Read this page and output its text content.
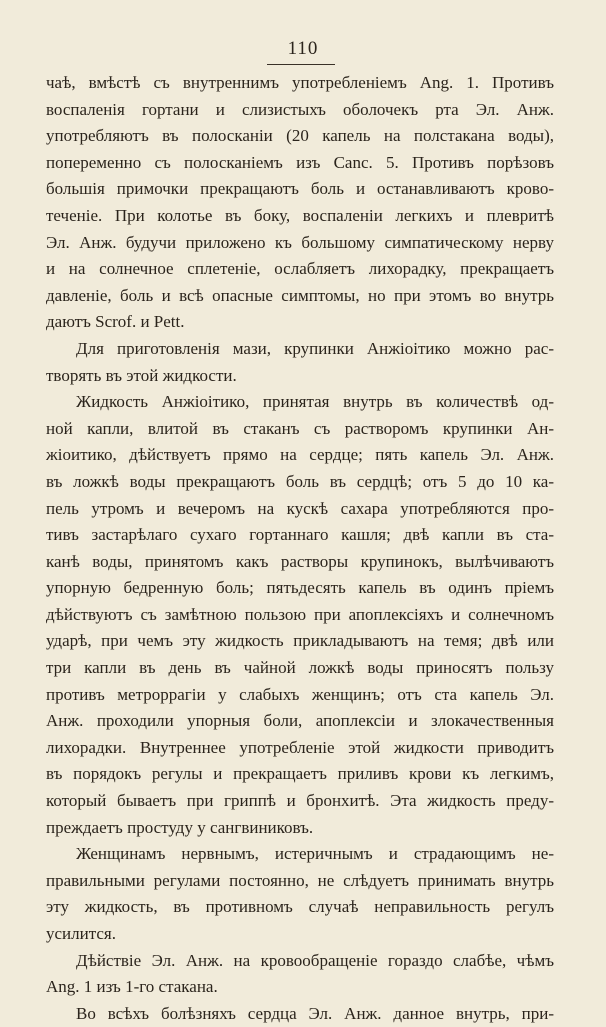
110
чаѣ, вмѣстѣ съ внутреннимъ употребленіемъ Ang. 1. Противъ
воспаленія гортани и слизистыхъ оболочекъ рта Эл. Анж.
употребляютъ въ полосканіи (20 капель на полстакана воды),
попеременно съ полосканіемъ изъ Canc. 5. Противъ порѣзовъ
большія примочки прекращаютъ боль и останавливаютъ крово-
теченіе. При колотье въ боку, воспаленіи легкихъ и плевритѣ
Эл. Анж. будучи приложено къ большому симпатическому нерву
и на солнечное сплетеніе, ослабляетъ лихорадку, прекращаетъ
давленіе, боль и всѣ опасные симптомы, но при этомъ во внутрь
даютъ Scrof. и Pett.
Для приготовленія мази, крупинки Анжіоітико можно рас-
творять въ этой жидкости.
Жидкость Анжіоітико, принятая внутрь въ количествѣ од-
ной капли, влитой въ стаканъ съ растворомъ крупинки Ан-
жіоитико, дѣйствуетъ прямо на сердце; пять капель Эл. Анж.
въ ложкѣ воды прекращаютъ боль въ сердцѣ; отъ 5 до 10 ка-
пель утромъ и вечеромъ на кускѣ сахара употребляются про-
тивъ застарѣлаго сухаго гортаннаго кашля; двѣ капли въ ста-
канѣ воды, принятомъ какъ растворы крупинокъ, вылѣчиваютъ
упорную бедренную боль; пятьдесять капель въ одинъ пріемъ
дѣйствуютъ съ замѣтною пользою при апоплексіяхъ и солнечномъ
ударѣ, при чемъ эту жидкость прикладываютъ на темя; двѣ или
три капли въ день въ чайной ложкѣ воды приносятъ пользу
противъ метроррагіи у слабыхъ женщинъ; отъ ста капель Эл.
Анж. проходили упорныя боли, апоплексіи и злокачественныя
лихорадки. Внутреннее употребленіе этой жидкости приводитъ
въ порядокъ регулы и прекращаетъ приливъ крови къ легкимъ,
который бываетъ при гриппѣ и бронхитѣ. Эта жидкость преду-
преждаетъ простуду у сангвиниковъ.
Женщинамъ нервнымъ, истеричнымъ и страдающимъ не-
правильными регулами постоянно, не слѣдуетъ принимать внутрь
эту жидкость, въ противномъ случаѣ неправильность регулъ
усилится.
Дѣйствіе Эл. Анж. на кровообращеніе гораздо слабѣе, чѣмъ
Ang. 1 изъ 1-го стакана.
Во всѣхъ болѣзняхъ сердца Эл. Анж. данное внутрь, при-
